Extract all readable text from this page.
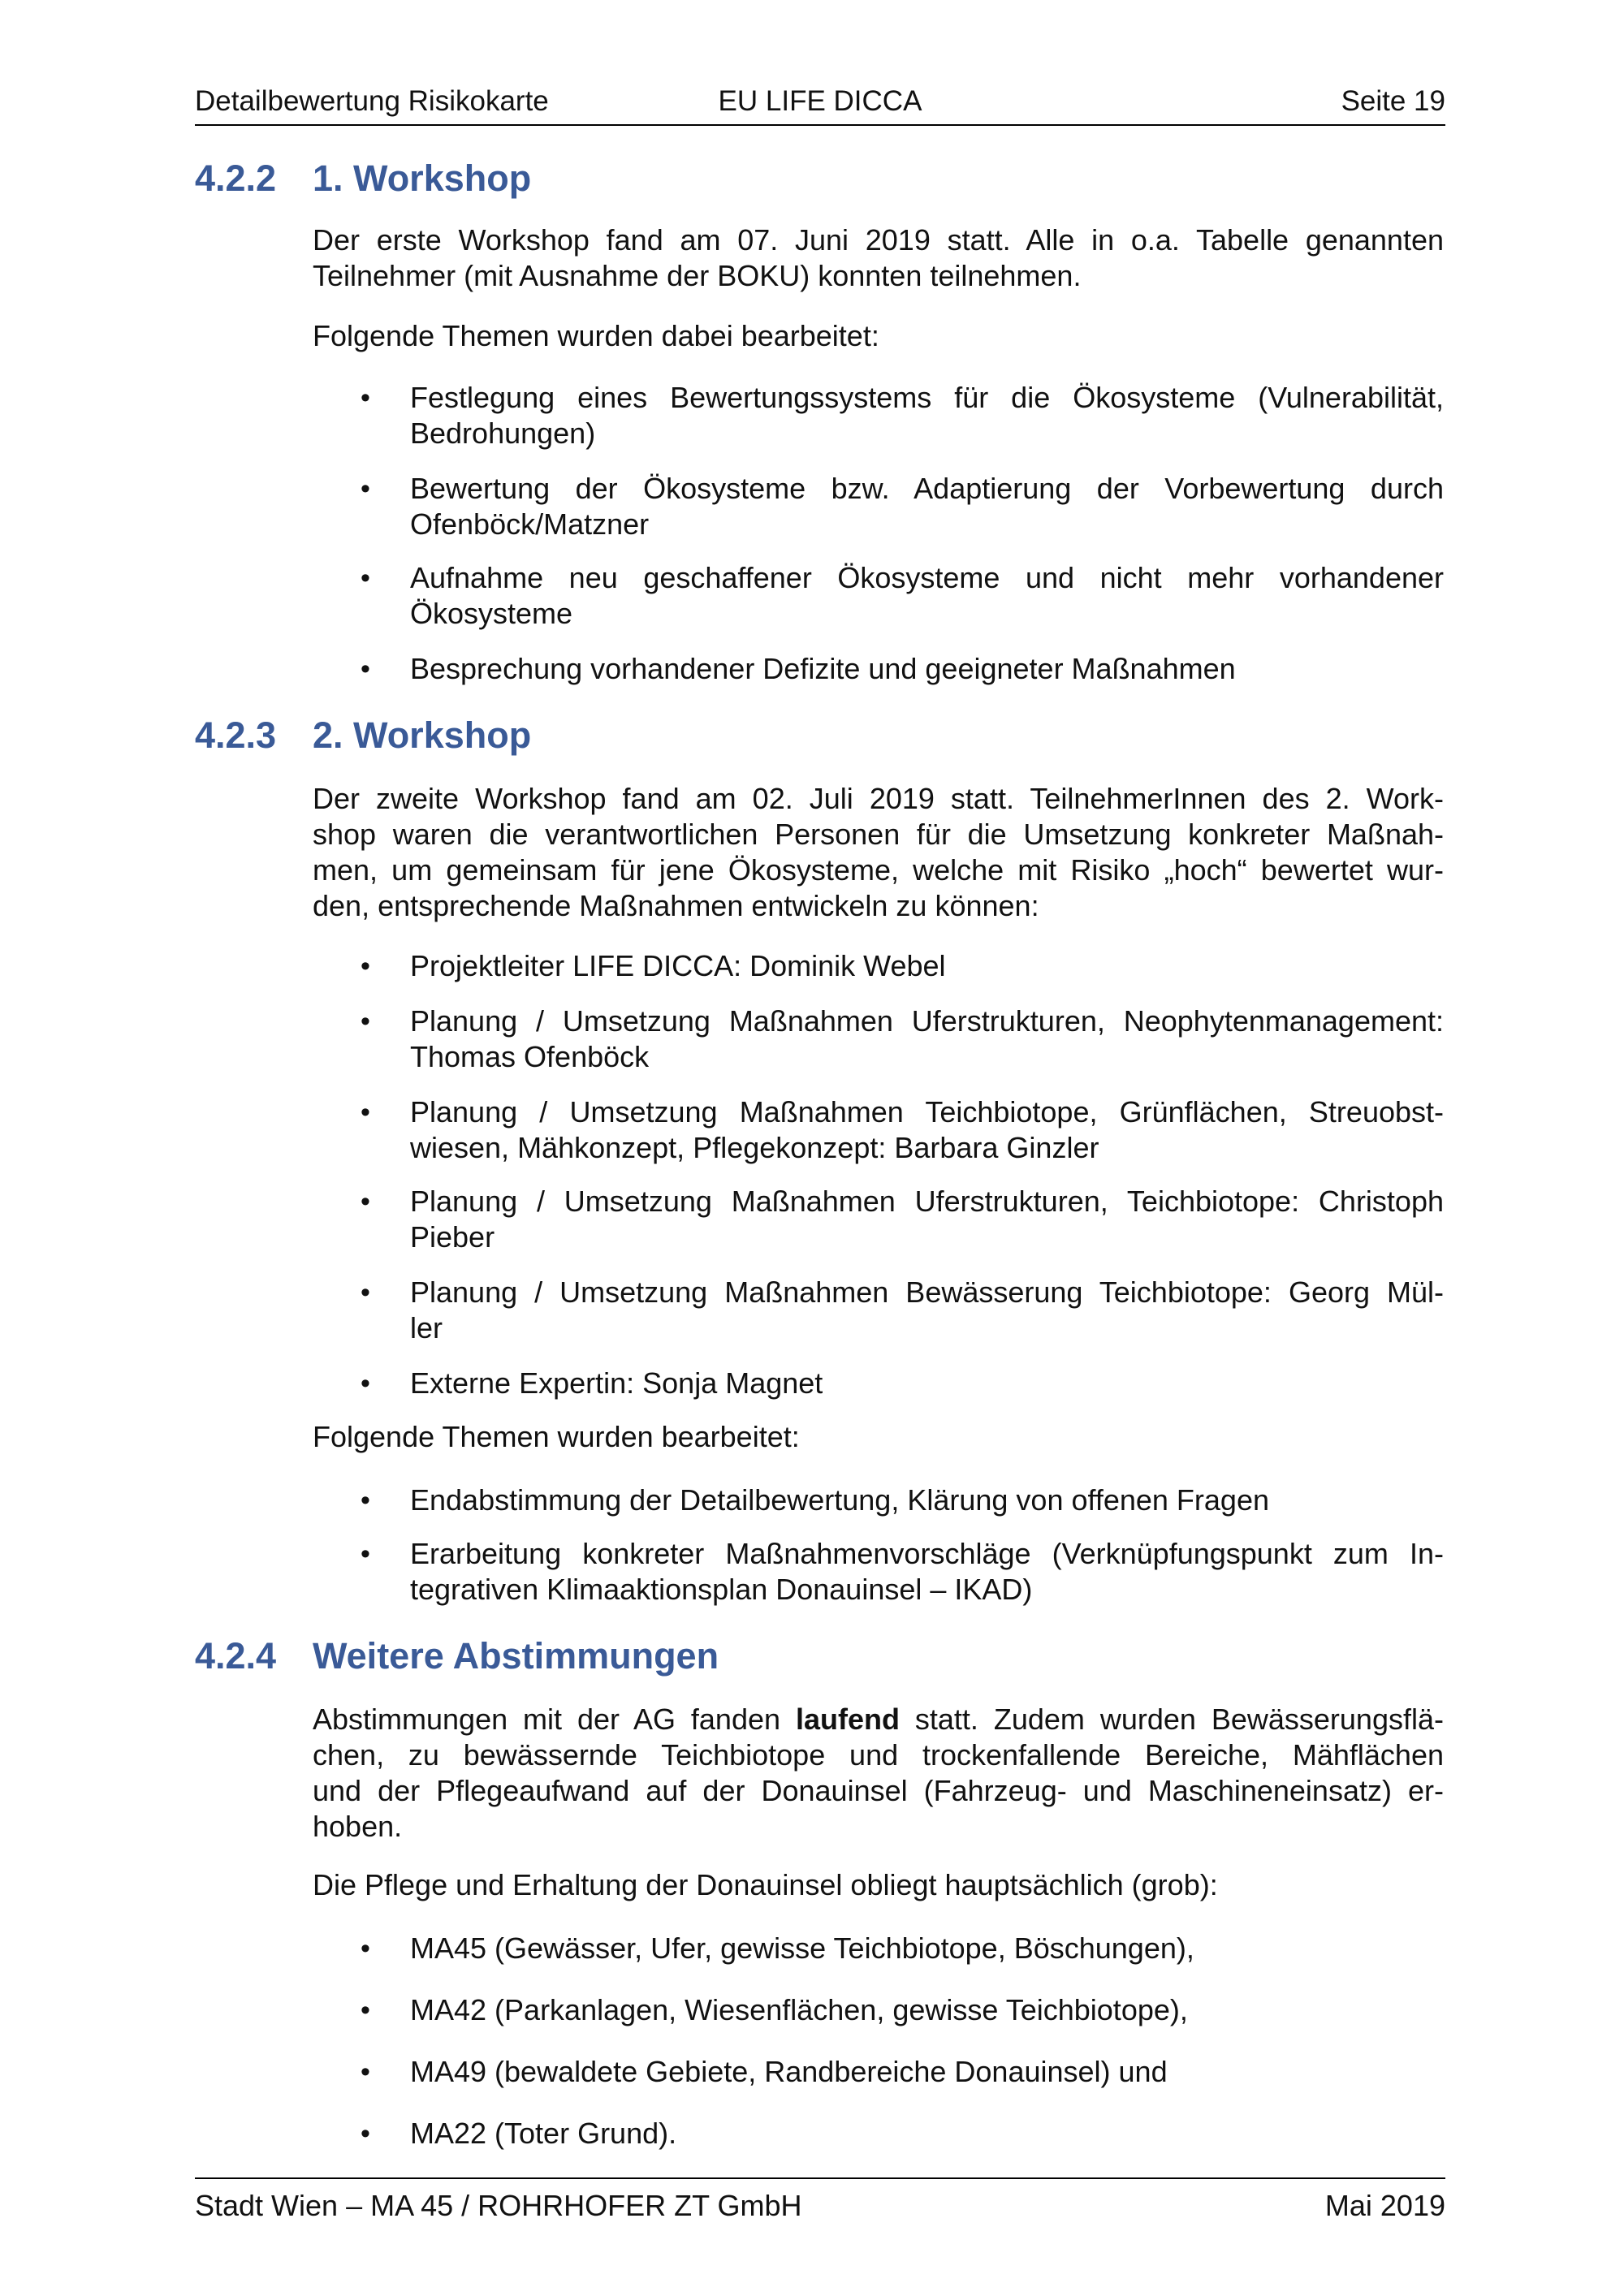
EU LIFE DICCA
Detailbewertung Risikokarte	Seite 19
4.2.2 1. Workshop
Der erste Workshop fand am 07. Juni 2019 statt. Alle in o.a. Tabelle genannten
Teilnehmer (mit Ausnahme der BOKU) konnten teilnehmen.
Folgende Themen wurden dabei bearbeitet:
• Festlegung eines Bewertungssystems für die Ökosysteme (Vulnerabilität,
Bedrohungen)
• Bewertung der Ökosysteme bzw. Adaptierung der Vorbewertung durch
Ofenböck/Matzner
• Aufnahme neu geschaffener Ökosysteme und nicht mehr vorhandener
Ökosysteme
• Besprechung vorhandener Defizite und geeigneter Maßnahmen
4.2.3 2. Workshop
Der zweite Workshop fand am 02. Juli 2019 statt. TeilnehmerInnen des 2. Work-
shop waren die verantwortlichen Personen für die Umsetzung konkreter Maßnah-
men, um gemeinsam für jene Ökosysteme, welche mit Risiko „hoch“ bewertet wur-
den, entsprechende Maßnahmen entwickeln zu können:
• Projektleiter LIFE DICCA: Dominik Webel
• Planung / Umsetzung Maßnahmen Uferstrukturen, Neophytenmanagement:
Thomas Ofenböck
• Planung / Umsetzung Maßnahmen Teichbiotope, Grünflächen, Streuobst-
wiesen, Mähkonzept, Pflegekonzept: Barbara Ginzler
• Planung / Umsetzung Maßnahmen Uferstrukturen, Teichbiotope: Christoph
Pieber
• Planung / Umsetzung Maßnahmen Bewässerung Teichbiotope: Georg Mül-
ler
• Externe Expertin: Sonja Magnet
Folgende Themen wurden bearbeitet:
• Endabstimmung der Detailbewertung, Klärung von offenen Fragen
• Erarbeitung konkreter Maßnahmenvorschläge (Verknüpfungspunkt zum In-
tegrativen Klimaaktionsplan Donauinsel – IKAD)
4.2.4 Weitere Abstimmungen
Abstimmungen mit der AG fanden laufend statt. Zudem wurden Bewässerungsflä-
chen, zu bewässernde Teichbiotope und trockenfallende Bereiche, Mähflächen
und der Pflegeaufwand auf der Donauinsel (Fahrzeug- und Maschineneinsatz) er-
hoben.
Die Pflege und Erhaltung der Donauinsel obliegt hauptsächlich (grob):
• MA45 (Gewässer, Ufer, gewisse Teichbiotope, Böschungen),
• MA42 (Parkanlagen, Wiesenflächen, gewisse Teichbiotope),
• MA49 (bewaldete Gebiete, Randbereiche Donauinsel) und
• MA22 (Toter Grund).
Stadt Wien – MA 45 / ROHRHOFER ZT GmbH	Mai 2019
